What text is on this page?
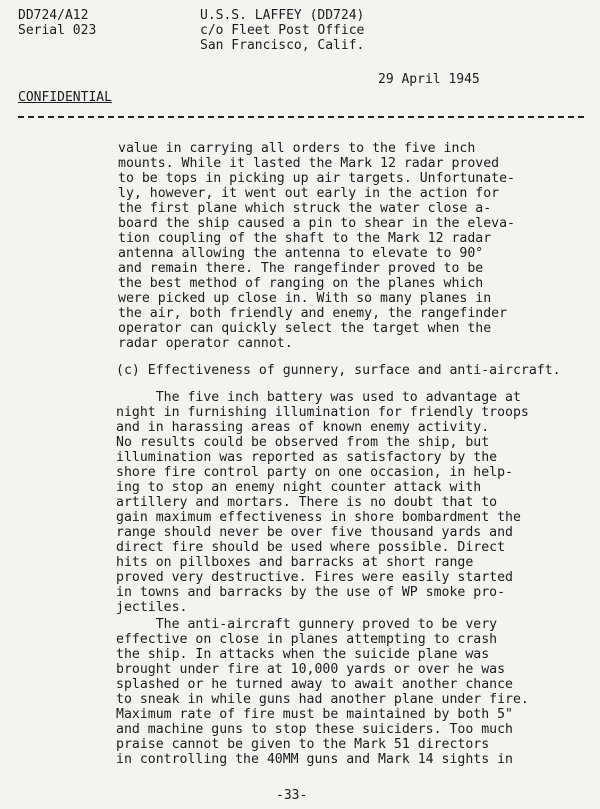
DD724/A12
Serial 023
U.S.S. LAFFEY (DD724)
c/o Fleet Post Office
San Francisco, Calif.
29 April 1945
CONFIDENTIAL
value in carrying all orders to the five inch
mounts. While it lasted the Mark 12 radar proved
to be tops in picking up air targets. Unfortunate-
ly, however, it went out early in the action for
the first plane which struck the water close a-
board the ship caused a pin to shear in the eleva-
tion coupling of the shaft to the Mark 12 radar
antenna allowing the antenna to elevate to 90°
and remain there. The rangefinder proved to be
the best method of ranging on the planes which
were picked up close in. With so many planes in
the air, both friendly and enemy, the rangefinder
operator can quickly select the target when the
radar operator cannot.
(c) Effectiveness of gunnery, surface and anti-aircraft.
The five inch battery was used to advantage at
night in furnishing illumination for friendly troops
and in harassing areas of known enemy activity.
No results could be observed from the ship, but
illumination was reported as satisfactory by the
shore fire control party on one occasion, in help-
ing to stop an enemy night counter attack with
artillery and mortars. There is no doubt that to
gain maximum effectiveness in shore bombardment the
range should never be over five thousand yards and
direct fire should be used where possible. Direct
hits on pillboxes and barracks at short range
proved very destructive. Fires were easily started
in towns and barracks by the use of WP smoke pro-
jectiles.
The anti-aircraft gunnery proved to be very
effective on close in planes attempting to crash
the ship. In attacks when the suicide plane was
brought under fire at 10,000 yards or over he was
splashed or he turned away to await another chance
to sneak in while guns had another plane under fire.
Maximum rate of fire must be maintained by both 5"
and machine guns to stop these suiciders. Too much
praise cannot be given to the Mark 51 directors
in controlling the 40MM guns and Mark 14 sights in
-33-
